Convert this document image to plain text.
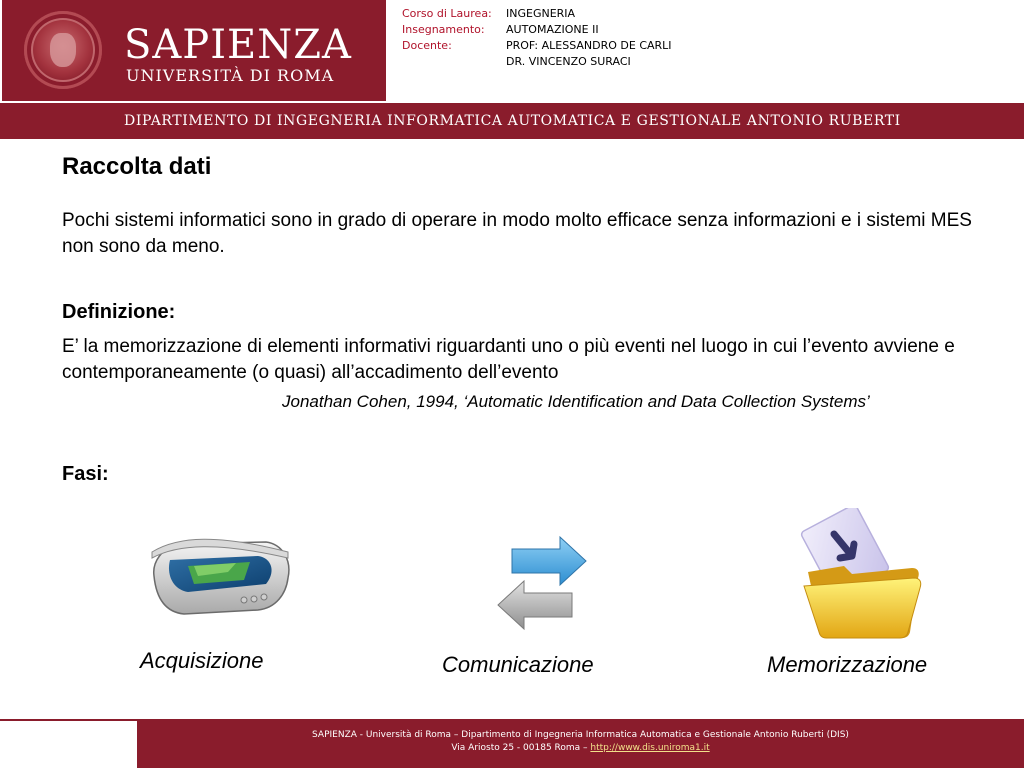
SAPIENZA
UNIVERSITÀ DI ROMA
Corso di Laurea:	INGEGNERIA
Insegnamento:	AUTOMAZIONE II
Docente:	PROF: ALESSANDRO DE CARLI
DR. VINCENZO SURACI
DIPARTIMENTO DI INGEGNERIA INFORMATICA AUTOMATICA E GESTIONALE ANTONIO RUBERTI
Raccolta dati
Pochi sistemi informatici sono in grado di operare in modo molto efficace senza informazioni e i sistemi MES non sono da meno.
Definizione:
E’ la memorizzazione di elementi informativi riguardanti uno o più eventi nel luogo in cui l’evento avviene e contemporaneamente (o quasi) all’accadimento dell’evento
Jonathan Cohen, 1994, ‘Automatic Identification and Data Collection Systems’
Fasi:
Acquisizione	Comunicazione	Memorizzazione
SAPIENZA - Università di Roma – Dipartimento di Ingegneria Informatica Automatica e Gestionale Antonio Ruberti (DIS)
Via Ariosto 25 - 00185 Roma – http://www.dis.uniroma1.it
